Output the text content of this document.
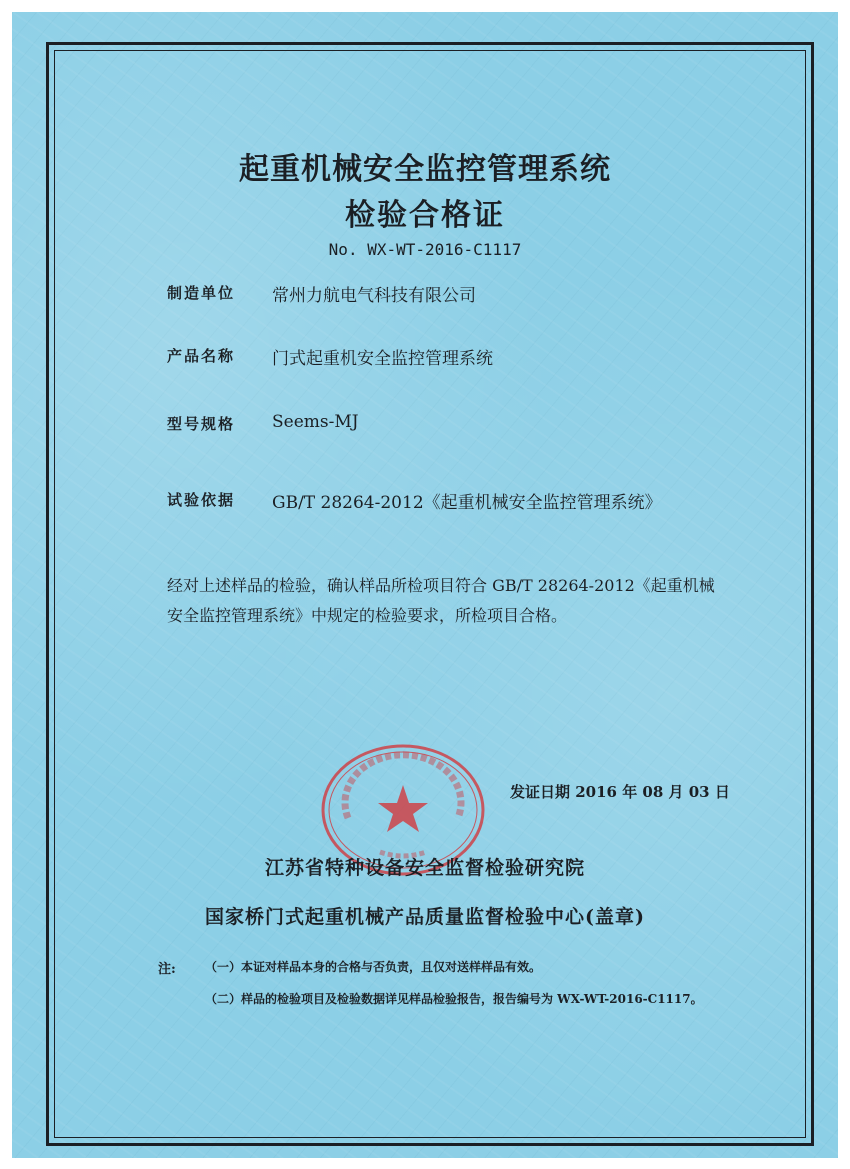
起重机械安全监控管理系统
检验合格证
No. WX-WT-2016-C1117
制造单位 常州力航电气科技有限公司
产品名称 门式起重机安全监控管理系统
型号规格 Seems-MJ
试验依据 GB/T 28264-2012《起重机械安全监控管理系统》
经对上述样品的检验，确认样品所检项目符合 GB/T 28264-2012《起重机械安全监控管理系统》中规定的检验要求，所检项目合格。
发证日期 2016 年 08 月 03 日
江苏省特种设备安全监督检验研究院
国家桥门式起重机械产品质量监督检验中心(盖章)
注: （一）本证对样品本身的合格与否负责，且仅对送样样品有效。
（二）样品的检验项目及检验数据详见样品检验报告，报告编号为 WX-WT-2016-C1117。
